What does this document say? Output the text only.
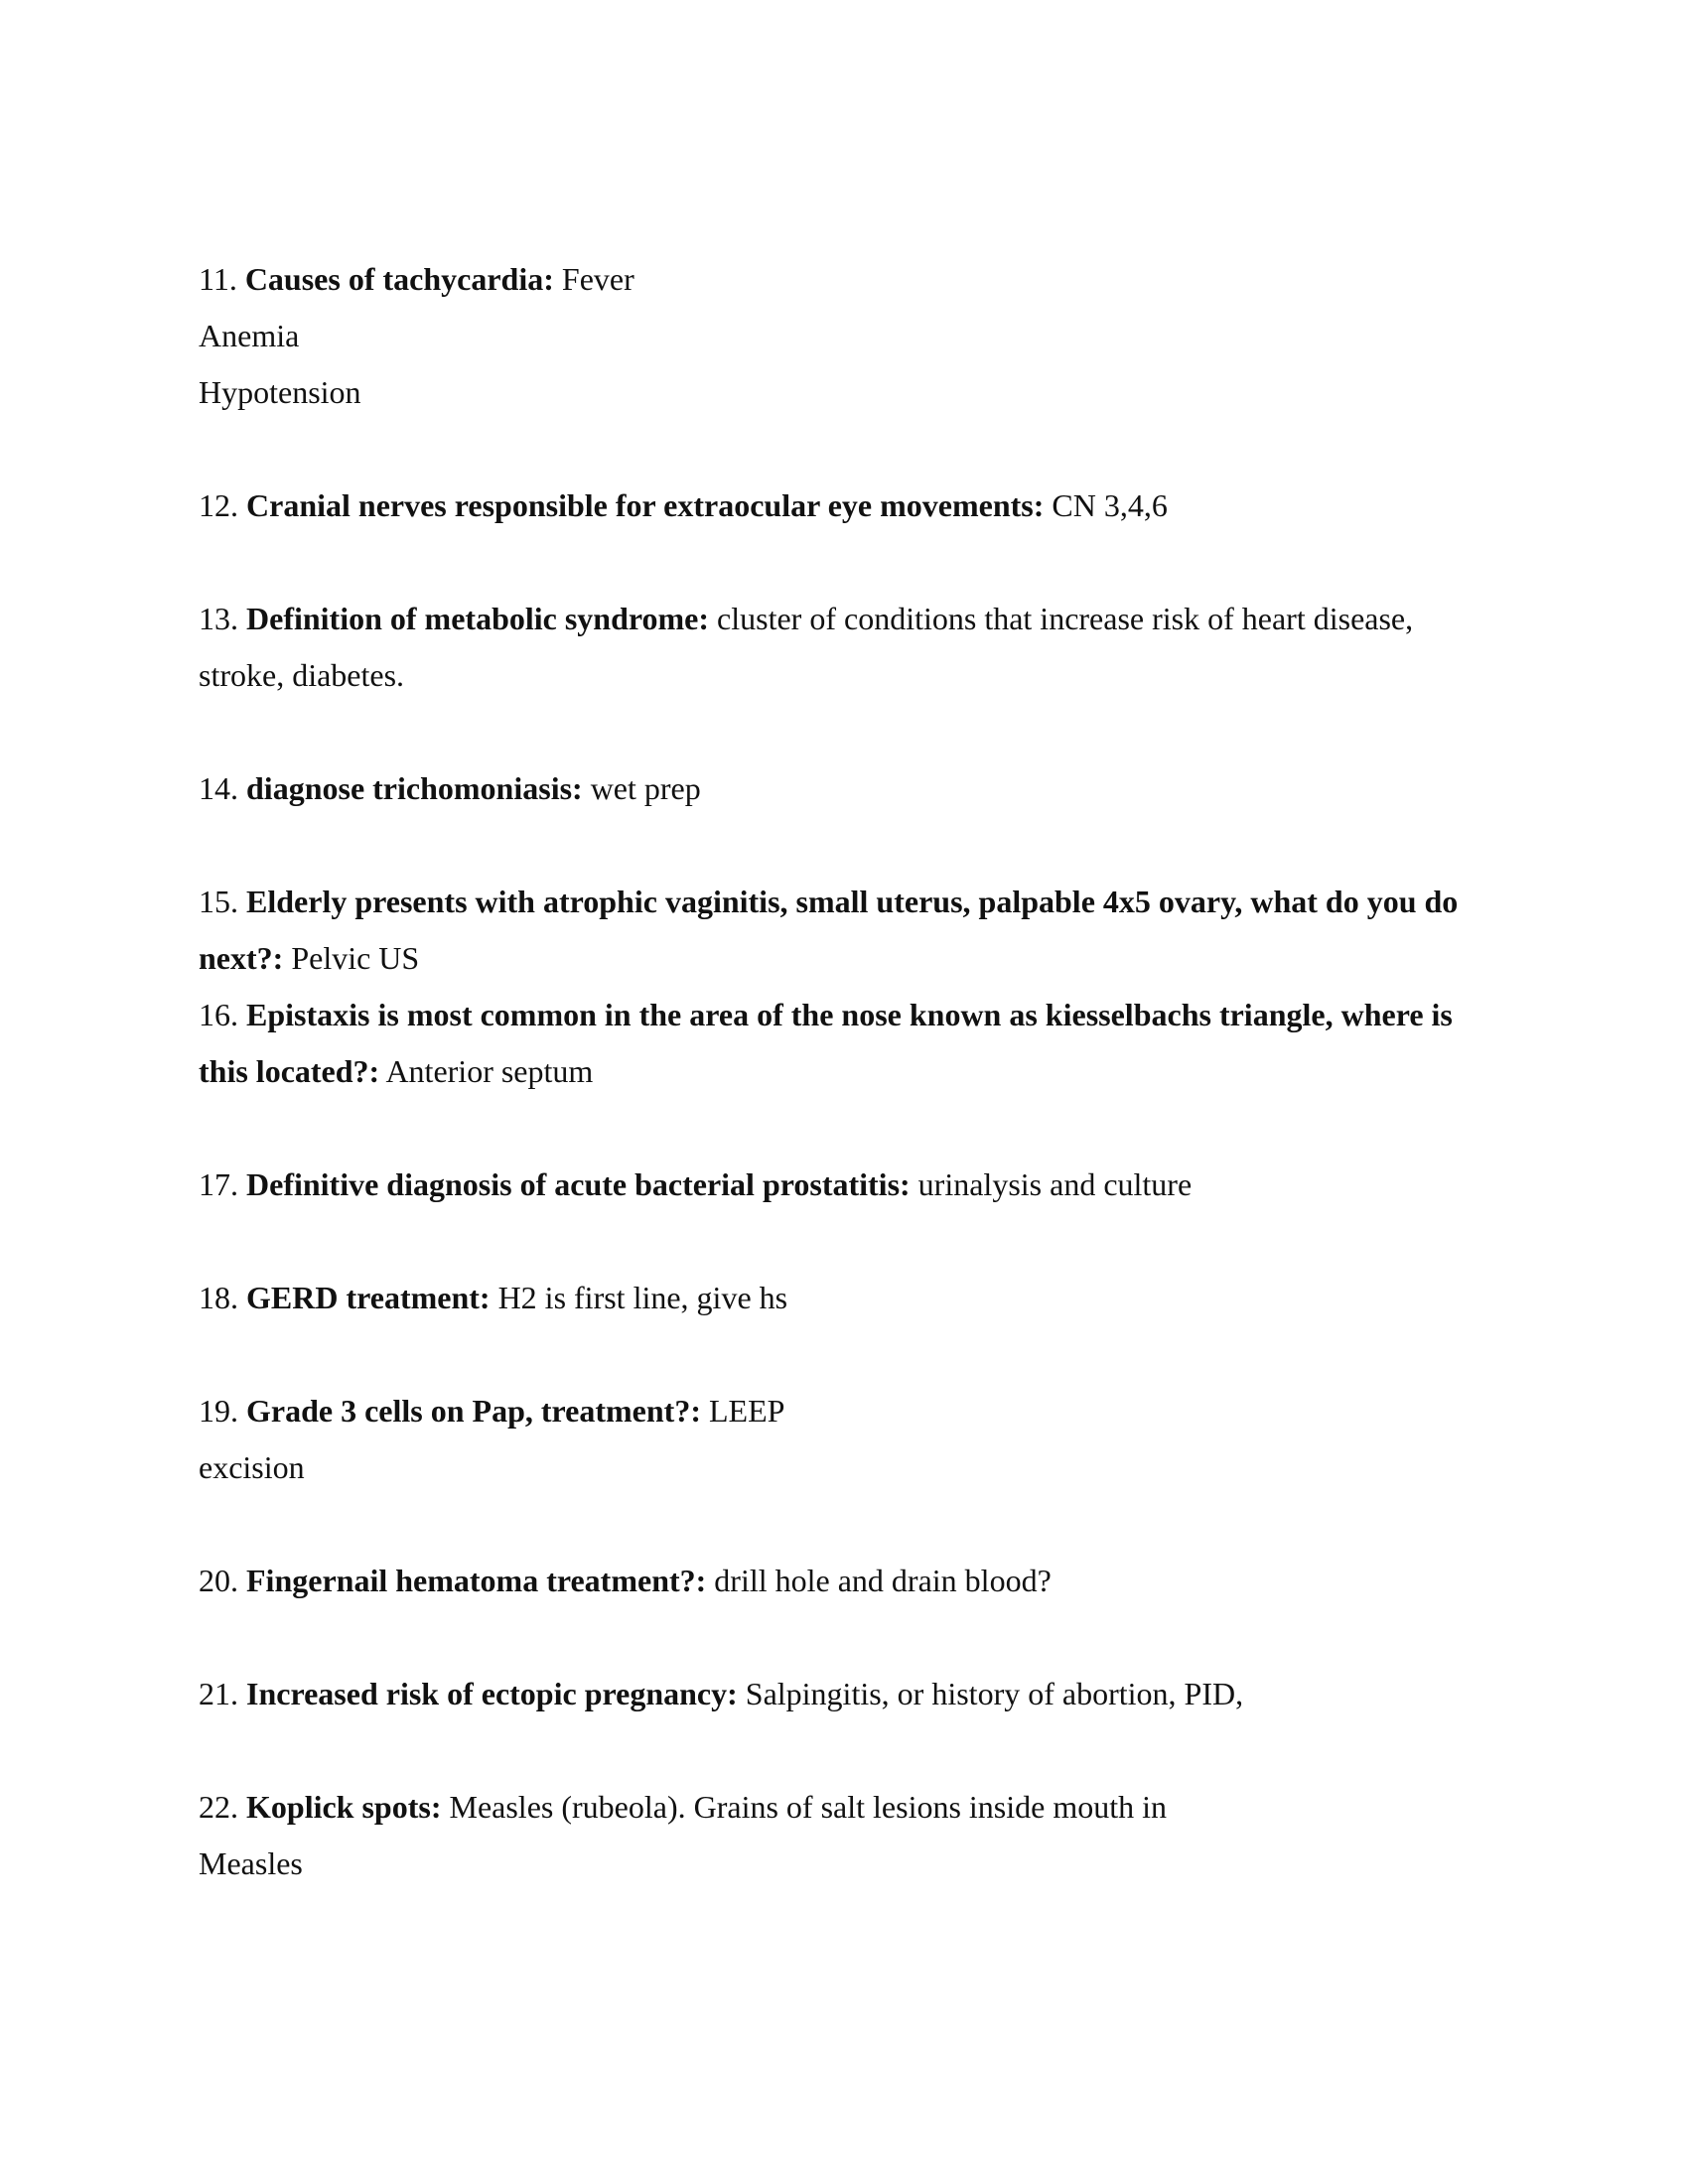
11. Causes of tachycardia: Fever
Anemia
Hypotension
12. Cranial nerves responsible for extraocular eye movements: CN 3,4,6
13. Definition of metabolic syndrome: cluster of conditions that increase risk of heart disease,
stroke, diabetes.
14. diagnose trichomoniasis: wet prep
15. Elderly presents with atrophic vaginitis, small uterus, palpable 4x5 ovary, what do you do
next?: Pelvic US
16. Epistaxis is most common in the area of the nose known as kiesselbachs triangle, where is
this located?: Anterior septum
17. Definitive diagnosis of acute bacterial prostatitis: urinalysis and culture
18. GERD treatment: H2 is first line, give hs
19. Grade 3 cells on Pap, treatment?: LEEP
excision
20. Fingernail hematoma treatment?: drill hole and drain blood?
21. Increased risk of ectopic pregnancy: Salpingitis, or history of abortion, PID,
22. Koplick spots: Measles (rubeola). Grains of salt lesions inside mouth in
Measles
